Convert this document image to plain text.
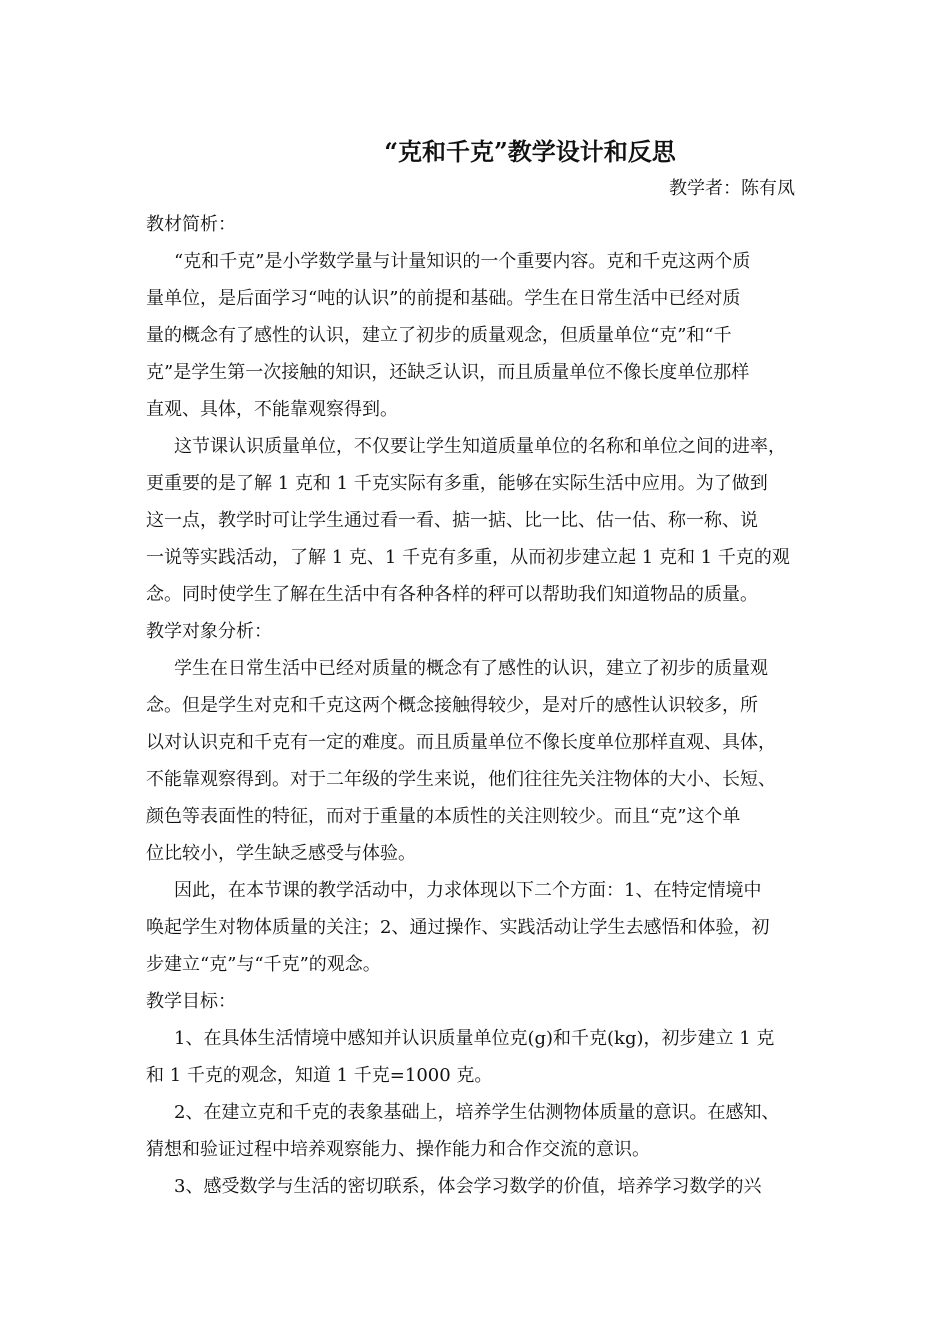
“克和千克”教学设计和反思
教学者：陈有凤
教材简析：
“克和千克”是小学数学量与计量知识的一个重要内容。克和千克这两个质
量单位，是后面学习“吨的认识”的前提和基础。学生在日常生活中已经对质
量的概念有了感性的认识，建立了初步的质量观念，但质量单位“克”和“千
克”是学生第一次接触的知识，还缺乏认识，而且质量单位不像长度单位那样
直观、具体，不能靠观察得到。
这节课认识质量单位，不仅要让学生知道质量单位的名称和单位之间的进率，
更重要的是了解 1 克和 1 千克实际有多重，能够在实际生活中应用。为了做到
这一点，教学时可让学生通过看一看、掂一掂、比一比、估一估、称一称、说
一说等实践活动，了解 1 克、1 千克有多重，从而初步建立起 1 克和 1 千克的观
念。同时使学生了解在生活中有各种各样的秤可以帮助我们知道物品的质量。
教学对象分析：
学生在日常生活中已经对质量的概念有了感性的认识，建立了初步的质量观
念。但是学生对克和千克这两个概念接触得较少，是对斤的感性认识较多，所
以对认识克和千克有一定的难度。而且质量单位不像长度单位那样直观、具体，
不能靠观察得到。对于二年级的学生来说，他们往往先关注物体的大小、长短、
颜色等表面性的特征，而对于重量的本质性的关注则较少。而且“克”这个单
位比较小，学生缺乏感受与体验。
因此，在本节课的教学活动中，力求体现以下二个方面：1、在特定情境中
唤起学生对物体质量的关注；2、通过操作、实践活动让学生去感悟和体验，初
步建立“克”与“千克”的观念。
教学目标：
1、在具体生活情境中感知并认识质量单位克(g)和千克(kg)，初步建立 1 克
和 1 千克的观念，知道 1 千克=1000 克。
2、在建立克和千克的表象基础上，培养学生估测物体质量的意识。在感知、
猜想和验证过程中培养观察能力、操作能力和合作交流的意识。
3、感受数学与生活的密切联系，体会学习数学的价值，培养学习数学的兴
